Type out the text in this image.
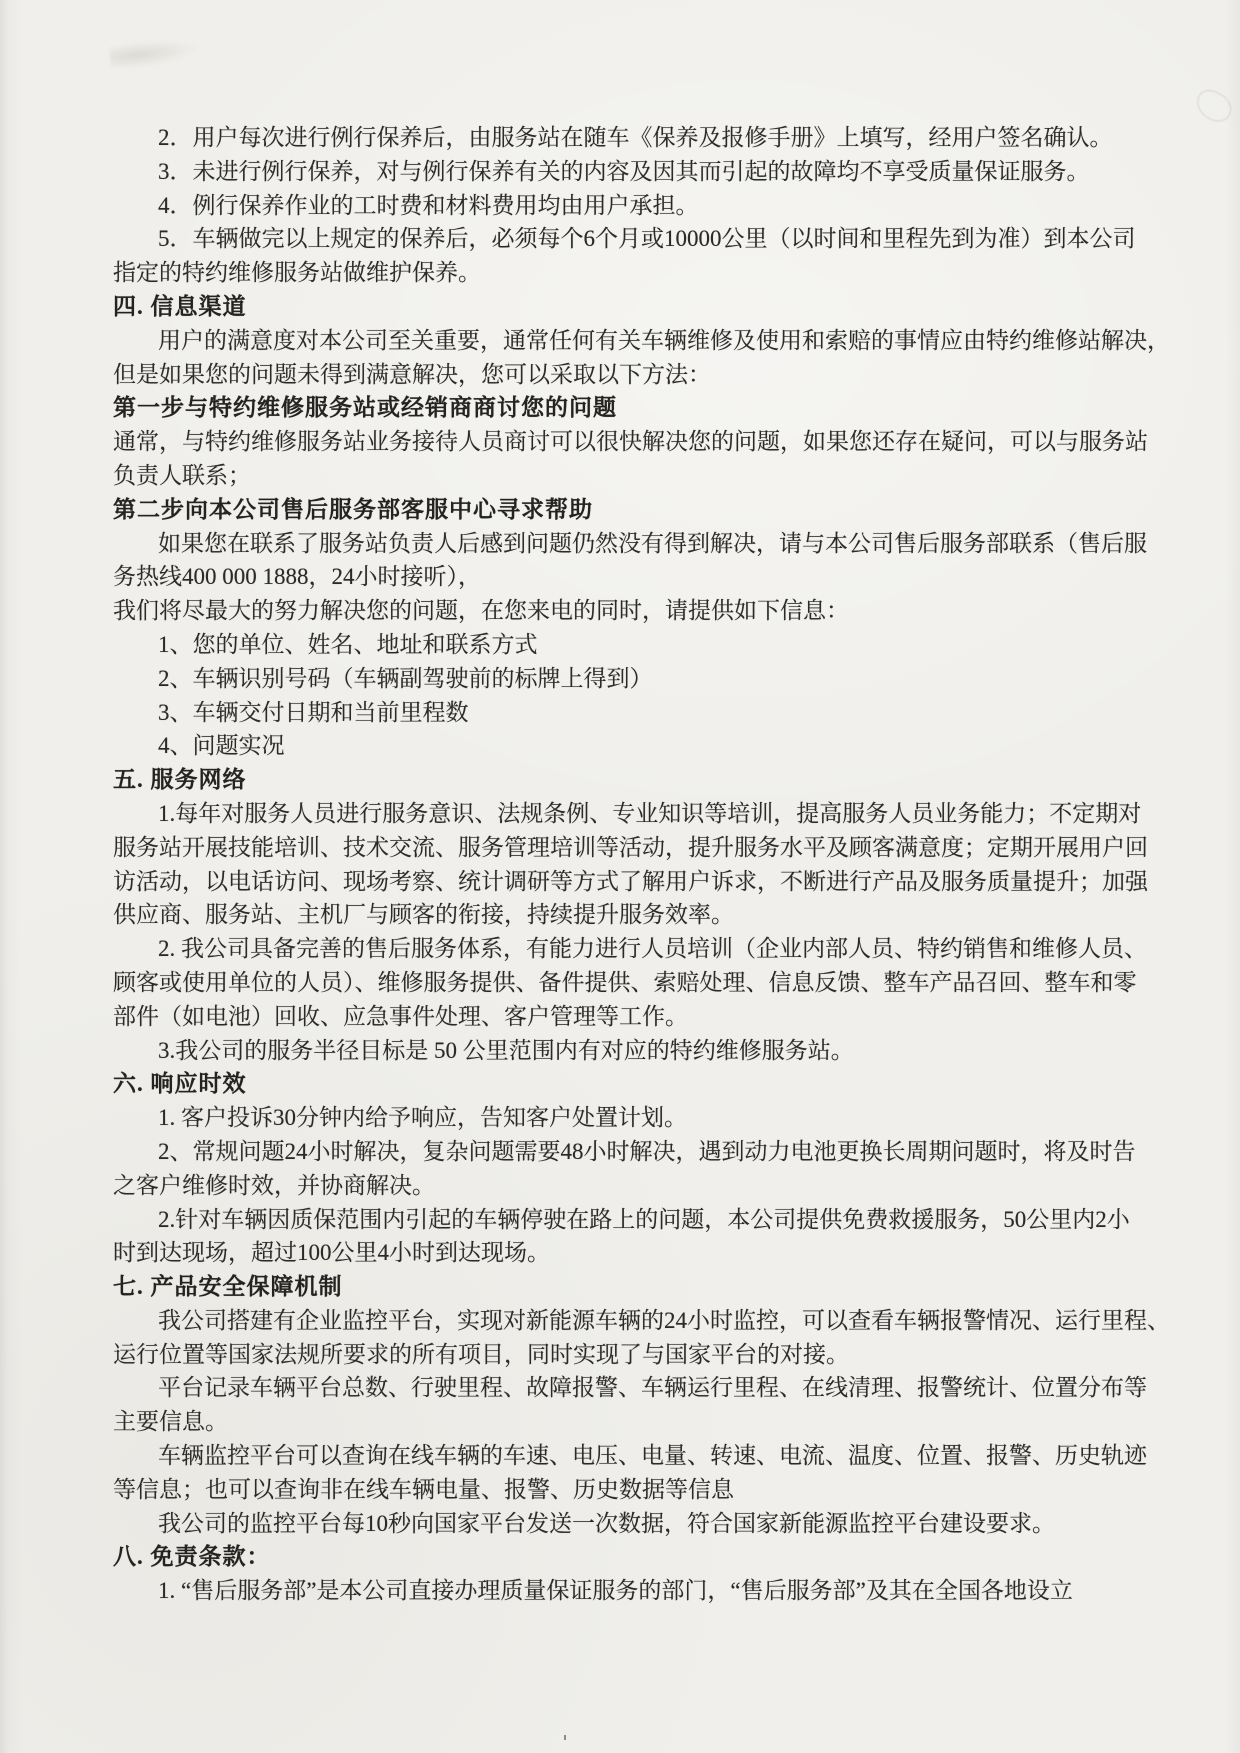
2．用户每次进行例行保养后，由服务站在随车《保养及报修手册》上填写，经用户签名确认。
3．未进行例行保养，对与例行保养有关的内容及因其而引起的故障均不享受质量保证服务。
4．例行保养作业的工时费和材料费用均由用户承担。
5．车辆做完以上规定的保养后，必须每个6个月或10000公里（以时间和里程先到为准）到本公司
指定的特约维修服务站做维护保养。
四. 信息渠道
用户的满意度对本公司至关重要，通常任何有关车辆维修及使用和索赔的事情应由特约维修站解决，
但是如果您的问题未得到满意解决，您可以采取以下方法：
第一步与特约维修服务站或经销商商讨您的问题
通常，与特约维修服务站业务接待人员商讨可以很快解决您的问题，如果您还存在疑问，可以与服务站
负责人联系；
第二步向本公司售后服务部客服中心寻求帮助
如果您在联系了服务站负责人后感到问题仍然没有得到解决，请与本公司售后服务部联系（售后服
务热线400 000 1888，24小时接听），
我们将尽最大的努力解决您的问题，在您来电的同时，请提供如下信息：
1、您的单位、姓名、地址和联系方式
2、车辆识别号码（车辆副驾驶前的标牌上得到）
3、车辆交付日期和当前里程数
4、问题实况
五. 服务网络
1.每年对服务人员进行服务意识、法规条例、专业知识等培训，提高服务人员业务能力；不定期对
服务站开展技能培训、技术交流、服务管理培训等活动，提升服务水平及顾客满意度；定期开展用户回
访活动，以电话访问、现场考察、统计调研等方式了解用户诉求，不断进行产品及服务质量提升；加强
供应商、服务站、主机厂与顾客的衔接，持续提升服务效率。
2. 我公司具备完善的售后服务体系，有能力进行人员培训（企业内部人员、特约销售和维修人员、
顾客或使用单位的人员）、维修服务提供、备件提供、索赔处理、信息反馈、整车产品召回、整车和零
部件（如电池）回收、应急事件处理、客户管理等工作。
3.我公司的服务半径目标是 50 公里范围内有对应的特约维修服务站。
六. 响应时效
1. 客户投诉30分钟内给予响应，告知客户处置计划。
2、常规问题24小时解决，复杂问题需要48小时解决，遇到动力电池更换长周期问题时，将及时告
之客户维修时效，并协商解决。
2.针对车辆因质保范围内引起的车辆停驶在路上的问题，本公司提供免费救援服务，50公里内2小
时到达现场，超过100公里4小时到达现场。
七. 产品安全保障机制
我公司搭建有企业监控平台，实现对新能源车辆的24小时监控，可以查看车辆报警情况、运行里程、
运行位置等国家法规所要求的所有项目，同时实现了与国家平台的对接。
平台记录车辆平台总数、行驶里程、故障报警、车辆运行里程、在线清理、报警统计、位置分布等
主要信息。
车辆监控平台可以查询在线车辆的车速、电压、电量、转速、电流、温度、位置、报警、历史轨迹
等信息；也可以查询非在线车辆电量、报警、历史数据等信息
我公司的监控平台每10秒向国家平台发送一次数据，符合国家新能源监控平台建设要求。
八. 免责条款：
1. “售后服务部”是本公司直接办理质量保证服务的部门，“售后服务部”及其在全国各地设立
